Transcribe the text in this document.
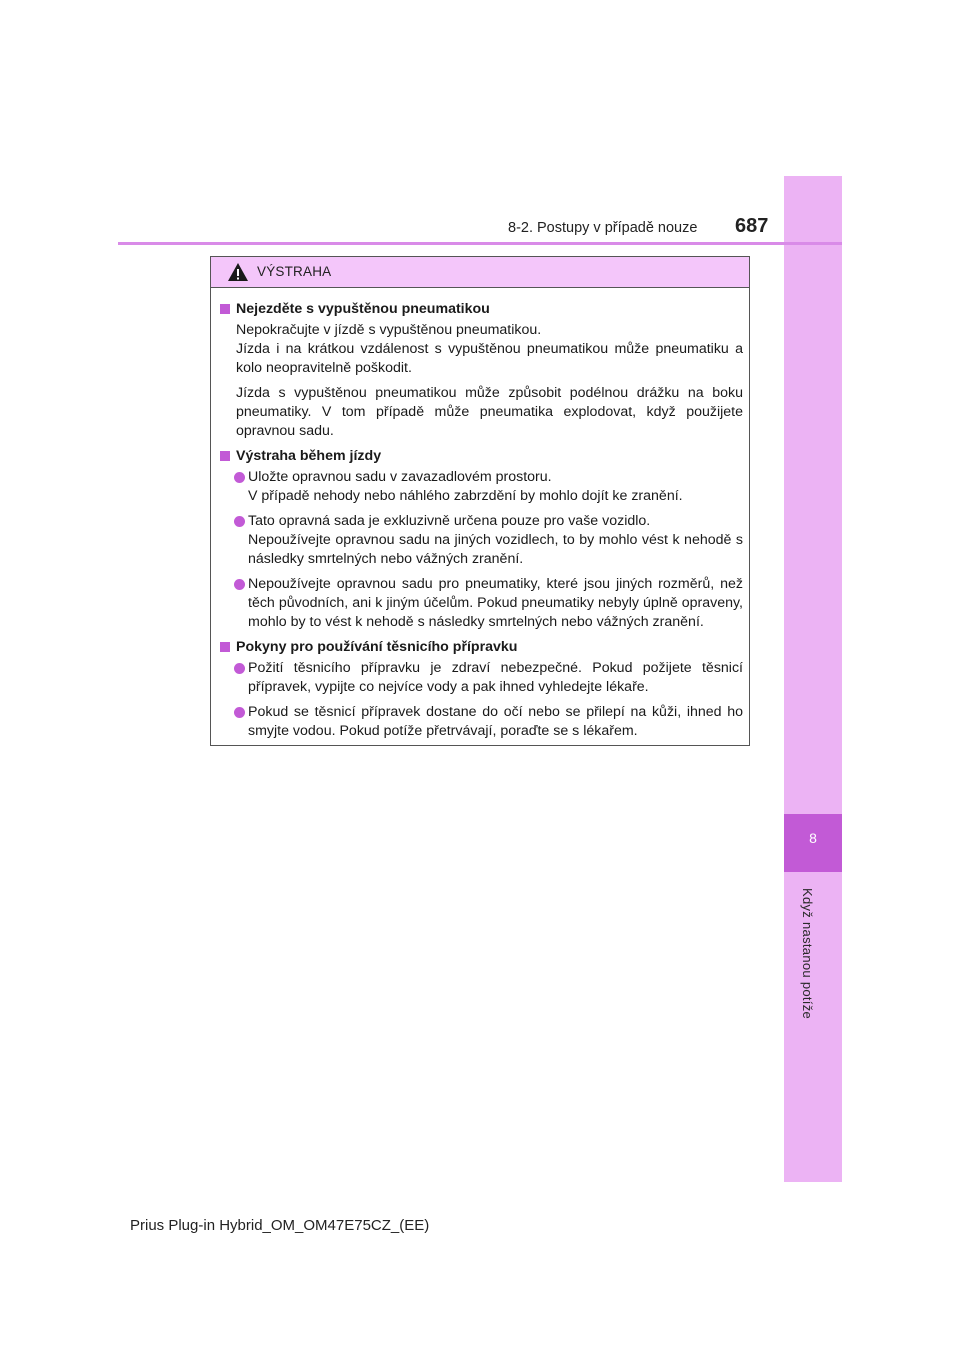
8
Když nastanou potíže
8-2. Postupy v případě nouze 687
VÝSTRAHA
Nejezděte s vypuštěnou pneumatikou
Nepokračujte v jízdě s vypuštěnou pneumatikou.
Jízda i na krátkou vzdálenost s vypuštěnou pneumatikou může pneumatiku a kolo neopravitelně poškodit.
Jízda s vypuštěnou pneumatikou může způsobit podélnou drážku na boku pneumatiky. V tom případě může pneumatika explodovat, když použijete opravnou sadu.
Výstraha během jízdy
Uložte opravnou sadu v zavazadlovém prostoru.
V případě nehody nebo náhlého zabrzdění by mohlo dojít ke zranění.
Tato opravná sada je exkluzivně určena pouze pro vaše vozidlo.
Nepoužívejte opravnou sadu na jiných vozidlech, to by mohlo vést k nehodě s následky smrtelných nebo vážných zranění.
Nepoužívejte opravnou sadu pro pneumatiky, které jsou jiných rozměrů, než těch původních, ani k jiným účelům. Pokud pneumatiky nebyly úplně opraveny, mohlo by to vést k nehodě s následky smrtelných nebo vážných zranění.
Pokyny pro používání těsnicího přípravku
Požití těsnicího přípravku je zdraví nebezpečné. Pokud požijete těsnicí přípravek, vypijte co nejvíce vody a pak ihned vyhledejte lékaře.
Pokud se těsnicí přípravek dostane do očí nebo se přilepí na kůži, ihned ho smyjte vodou. Pokud potíže přetrvávají, poraďte se s lékařem.
Prius Plug-in Hybrid_OM_OM47E75CZ_(EE)
